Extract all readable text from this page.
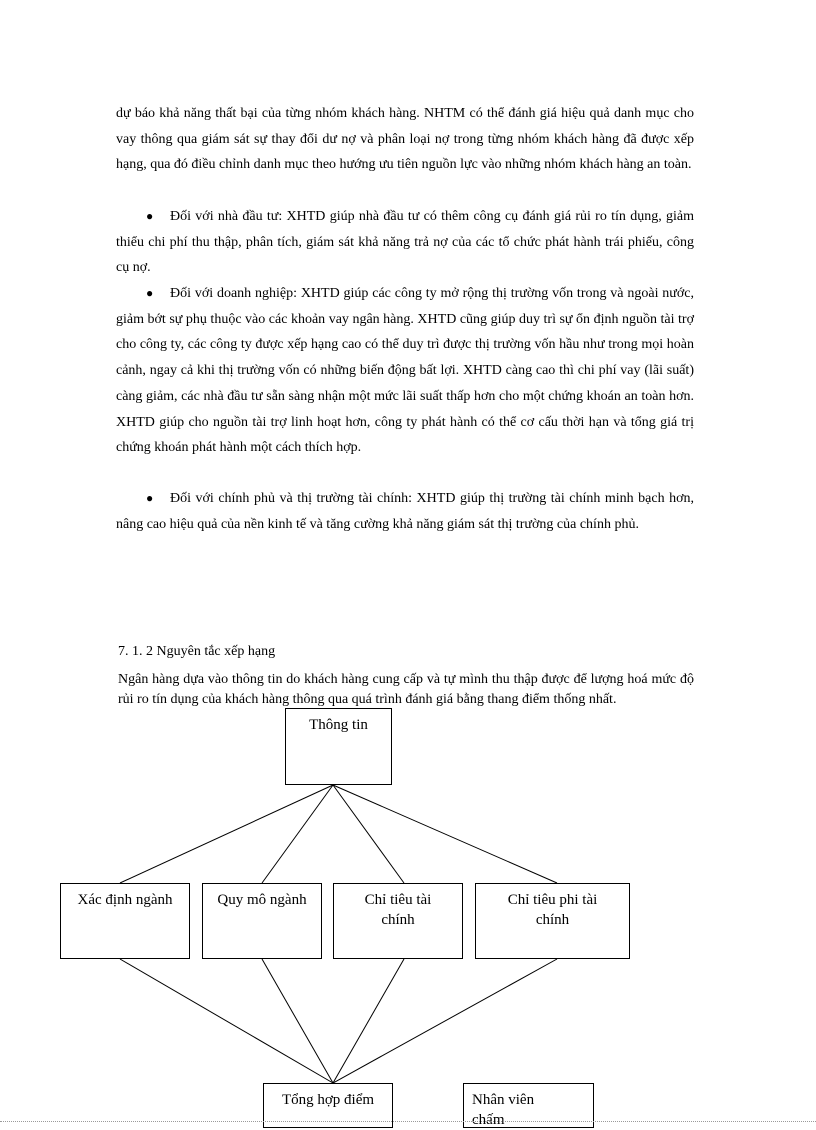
dự báo khả năng thất bại của từng nhóm khách hàng. NHTM có thể đánh giá hiệu quả danh mục cho vay thông qua giám sát sự thay đổi dư nợ và phân loại nợ trong từng nhóm khách hàng đã được xếp hạng, qua đó điều chỉnh danh mục theo hướng ưu tiên nguồn lực vào những nhóm khách hàng an toàn.

● Đối với nhà đầu tư: XHTD giúp nhà đầu tư có thêm công cụ đánh giá rủi ro tín dụng, giảm thiểu chi phí thu thập, phân tích, giám sát khả năng trả nợ của các tổ chức phát hành trái phiếu, công cụ nợ.

● Đối với doanh nghiệp: XHTD giúp các công ty mở rộng thị trường vốn trong và ngoài nước, giảm bớt sự phụ thuộc vào các khoản vay ngân hàng. XHTD cũng giúp duy trì sự ổn định nguồn tài trợ cho công ty, các công ty được xếp hạng cao có thể duy trì được thị trường vốn hầu như trong mọi hoàn cảnh, ngay cả khi thị trường vốn có những biến động bất lợi. XHTD càng cao thì chi phí vay (lãi suất) càng giảm, các nhà đầu tư sẵn sàng nhận một mức lãi suất thấp hơn cho một chứng khoán an toàn hơn. XHTD giúp cho nguồn tài trợ linh hoạt hơn, công ty phát hành có thể cơ cấu thời hạn và tổng giá trị chứng khoán phát hành một cách thích hợp.

● Đối với chính phủ và thị trường tài chính: XHTD giúp thị trường tài chính minh bạch hơn, nâng cao hiệu quả của nền kinh tế và tăng cường khả năng giám sát thị trường của chính phủ.

7. 1. 2 Nguyên tắc xếp hạng

Ngân hàng dựa vào thông tin do khách hàng cung cấp và tự mình thu thập được để lượng hoá mức độ rủi ro tín dụng của khách hàng thông qua quá trình đánh giá bằng thang điểm thống nhất.

Thông tin
Xác định ngành	Quy mô ngành	Chỉ tiêu tài chính
Chỉ tiêu phi tài chính
Tổng hợp điểm	Nhân viên chấm
